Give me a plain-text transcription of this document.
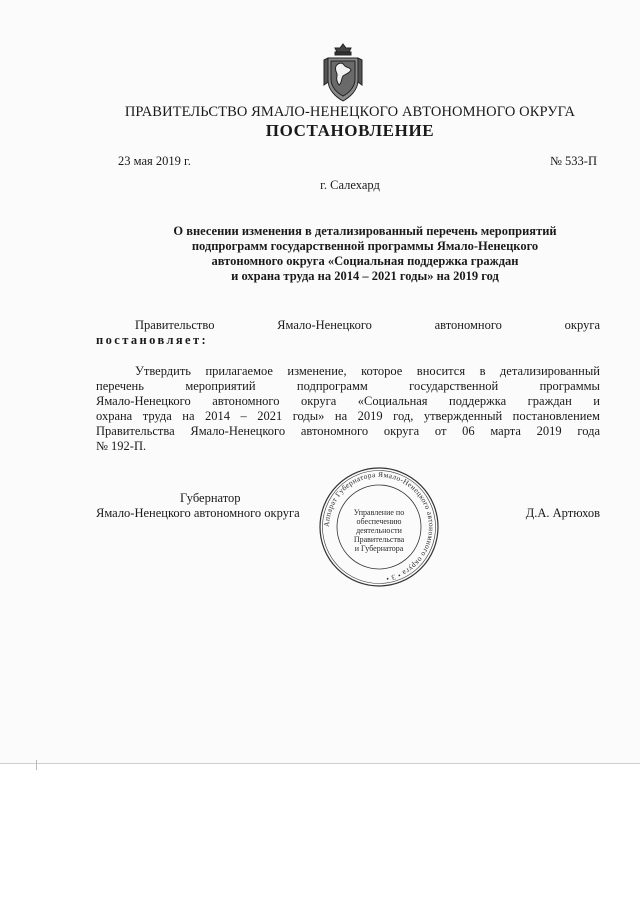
ПРАВИТЕЛЬСТВО ЯМАЛО-НЕНЕЦКОГО АВТОНОМНОГО ОКРУГА
ПОСТАНОВЛЕНИЕ
23 мая 2019 г.	№ 533-П
г. Салехард
О внесении изменения в детализированный перечень мероприятий
подпрограмм государственной программы Ямало-Ненецкого
автономного округа «Социальная поддержка граждан
и охрана труда на 2014 – 2021 годы» на 2019 год
Правительство	Ямало-Ненецкого	автономного	округа
постановляет:
Утвердить прилагаемое изменение, которое вносится в детализированный
перечень	мероприятий	подпрограмм	государственной	программы
Ямало-Ненецкого автономного округа «Социальная поддержка граждан и
охрана труда на 2014 – 2021 годы» на 2019 год, утвержденный постановлением
Правительства Ямало-Ненецкого автономного округа от 06 марта 2019 года
№ 192-П.
Аппарат Губернатора Ямало-Ненецкого автономного округа • 3 •
Управление по
обеспечению
деятельности
Правительства
и Губернатора
Губернатор
Ямало-Ненецкого автономного округа	Д.А. Артюхов
